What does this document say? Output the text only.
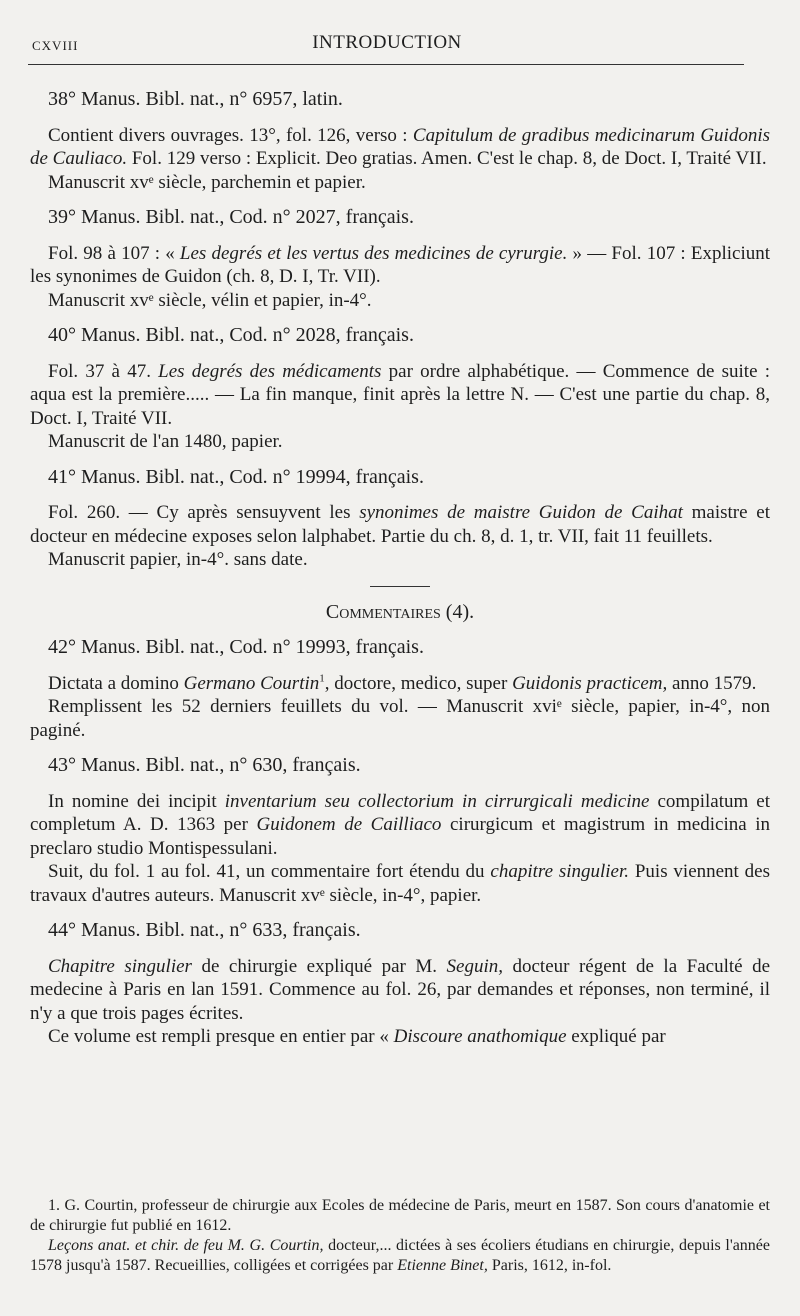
CXVIII	INTRODUCTION
38° Manus. Bibl. nat., n° 6957, latin.

Contient divers ouvrages. 13°, fol. 126, verso : Capitulum de gradibus medicinarum Guidonis de Cauliaco. Fol. 129 verso : Explicit. Deo gratias. Amen. C'est le chap. 8, de Doct. I, Traité VII.

Manuscrit xvᵉ siècle, parchemin et papier.

39° Manus. Bibl. nat., Cod. n° 2027, français.

Fol. 98 à 107 : « Les degrés et les vertus des medicines de cyrurgie. » — Fol. 107 : Expliciunt les synonimes de Guidon (ch. 8, D. I, Tr. VII).

Manuscrit xvᵉ siècle, vélin et papier, in-4°.

40° Manus. Bibl. nat., Cod. n° 2028, français.

Fol. 37 à 47. Les degrés des médicaments par ordre alphabétique. — Commence de suite : aqua est la première..... — La fin manque, finit après la lettre N. — C'est une partie du chap. 8, Doct. I, Traité VII.

Manuscrit de l'an 1480, papier.

41° Manus. Bibl. nat., Cod. n° 19994, français.

Fol. 260. — Cy après sensuyvent les synonimes de maistre Guidon de Caihat maistre et docteur en médecine exposes selon lalphabet. Partie du ch. 8, d. 1, tr. VII, fait 11 feuillets.

Manuscrit papier, in-4°. sans date.

Commentaires (4).
42° Manus. Bibl. nat., Cod. n° 19993, français.

Dictata a domino Germano Courtin$^1$, doctore, medico, super Guidonis practicem, anno 1579.

Remplissent les 52 derniers feuillets du vol. — Manuscrit xviᵉ siècle, papier, in-4°, non paginé.

43° Manus. Bibl. nat., n° 630, français.

In nomine dei incipit inventarium seu collectorium in cirrurgicali medicine compilatum et completum A. D. 1363 per Guidonem de Cailliaco cirurgicum et magistrum in medicina in preclaro studio Montispessulani.

Suit, du fol. 1 au fol. 41, un commentaire fort étendu du chapitre singulier. Puis viennent des travaux d'autres auteurs. Manuscrit xvᵉ siècle, in-4°, papier.

44° Manus. Bibl. nat., n° 633, français.

Chapitre singulier de chirurgie expliqué par M. Seguin, docteur régent de la Faculté de medecine à Paris en lan 1591. Commence au fol. 26, par demandes et réponses, non terminé, il n'y a que trois pages écrites.

Ce volume est rempli presque en entier par « Discoure anathomique expliqué par

1. G. Courtin, professeur de chirurgie aux Ecoles de médecine de Paris, meurt en 1587. Son cours d'anatomie et de chirurgie fut publié en 1612.

Leçons anat. et chir. de feu M. G. Courtin, docteur,... dictées à ses écoliers étudians en chirurgie, depuis l'année 1578 jusqu'à 1587. Recueillies, colligées et corrigées par Etienne Binet, Paris, 1612, in-fol.
